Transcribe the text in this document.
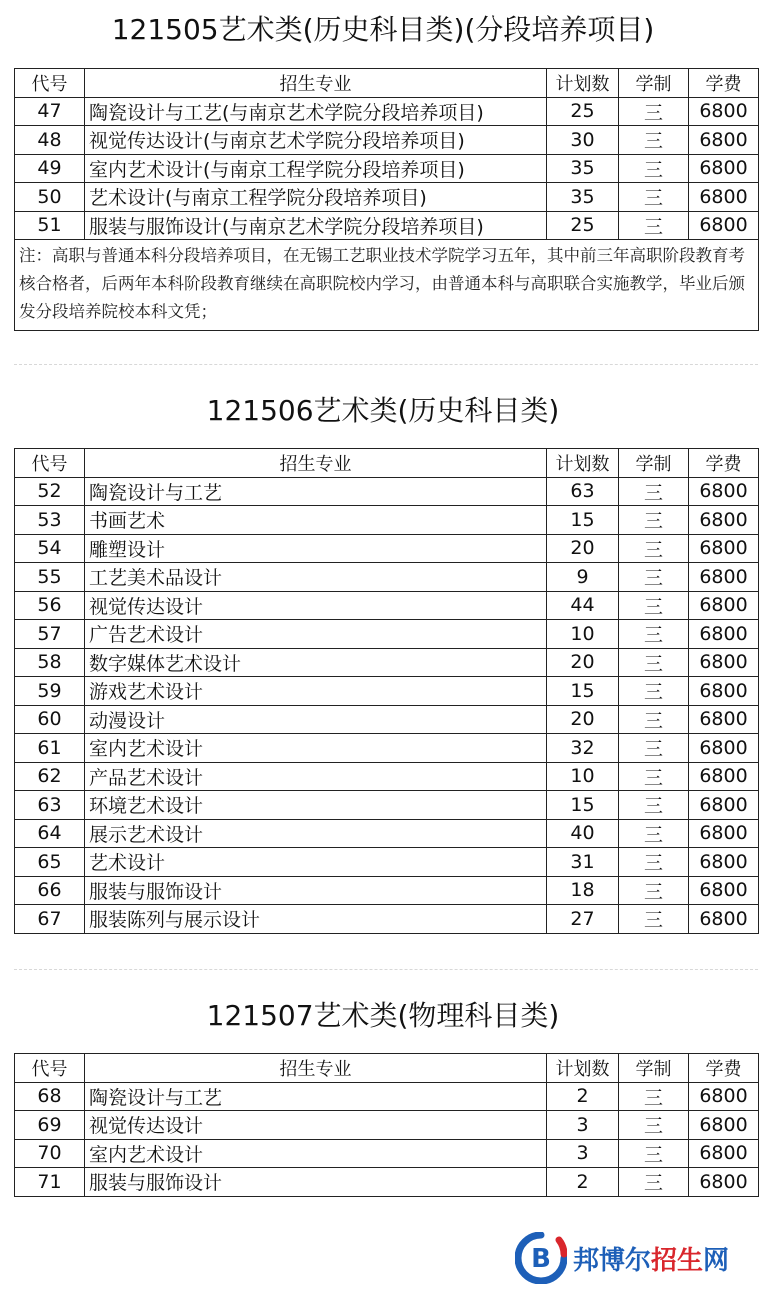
121505艺术类(历史科目类)(分段培养项目)
代号	招生专业	计划数	学制	学费
47	陶瓷设计与工艺(与南京艺术学院分段培养项目)	25	三	6800
48	视觉传达设计(与南京艺术学院分段培养项目)	30	三	6800
49	室内艺术设计(与南京工程学院分段培养项目)	35	三	6800
50	艺术设计(与南京工程学院分段培养项目)	35	三	6800
51	服装与服饰设计(与南京艺术学院分段培养项目)	25	三	6800
注：高职与普通本科分段培养项目，在无锡工艺职业技术学院学习五年，其中前三年高职阶段教育考核合格者，后两年本科阶段教育继续在高职院校内学习，由普通本科与高职联合实施教学，毕业后颁发分段培养院校本科文凭；				
121506艺术类(历史科目类)
代号	招生专业	计划数	学制	学费
52	陶瓷设计与工艺	63	三	6800
53	书画艺术	15	三	6800
54	雕塑设计	20	三	6800
55	工艺美术品设计	9	三	6800
56	视觉传达设计	44	三	6800
57	广告艺术设计	10	三	6800
58	数字媒体艺术设计	20	三	6800
59	游戏艺术设计	15	三	6800
60	动漫设计	20	三	6800
61	室内艺术设计	32	三	6800
62	产品艺术设计	10	三	6800
63	环境艺术设计	15	三	6800
64	展示艺术设计	40	三	6800
65	艺术设计	31	三	6800
66	服装与服饰设计	18	三	6800
67	服装陈列与展示设计	27	三	6800
121507艺术类(物理科目类)
代号	招生专业	计划数	学制	学费
68	陶瓷设计与工艺	2	三	6800
69	视觉传达设计	3	三	6800
70	室内艺术设计	3	三	6800
71	服装与服饰设计	2	三	6800
B 邦博尔招生网
